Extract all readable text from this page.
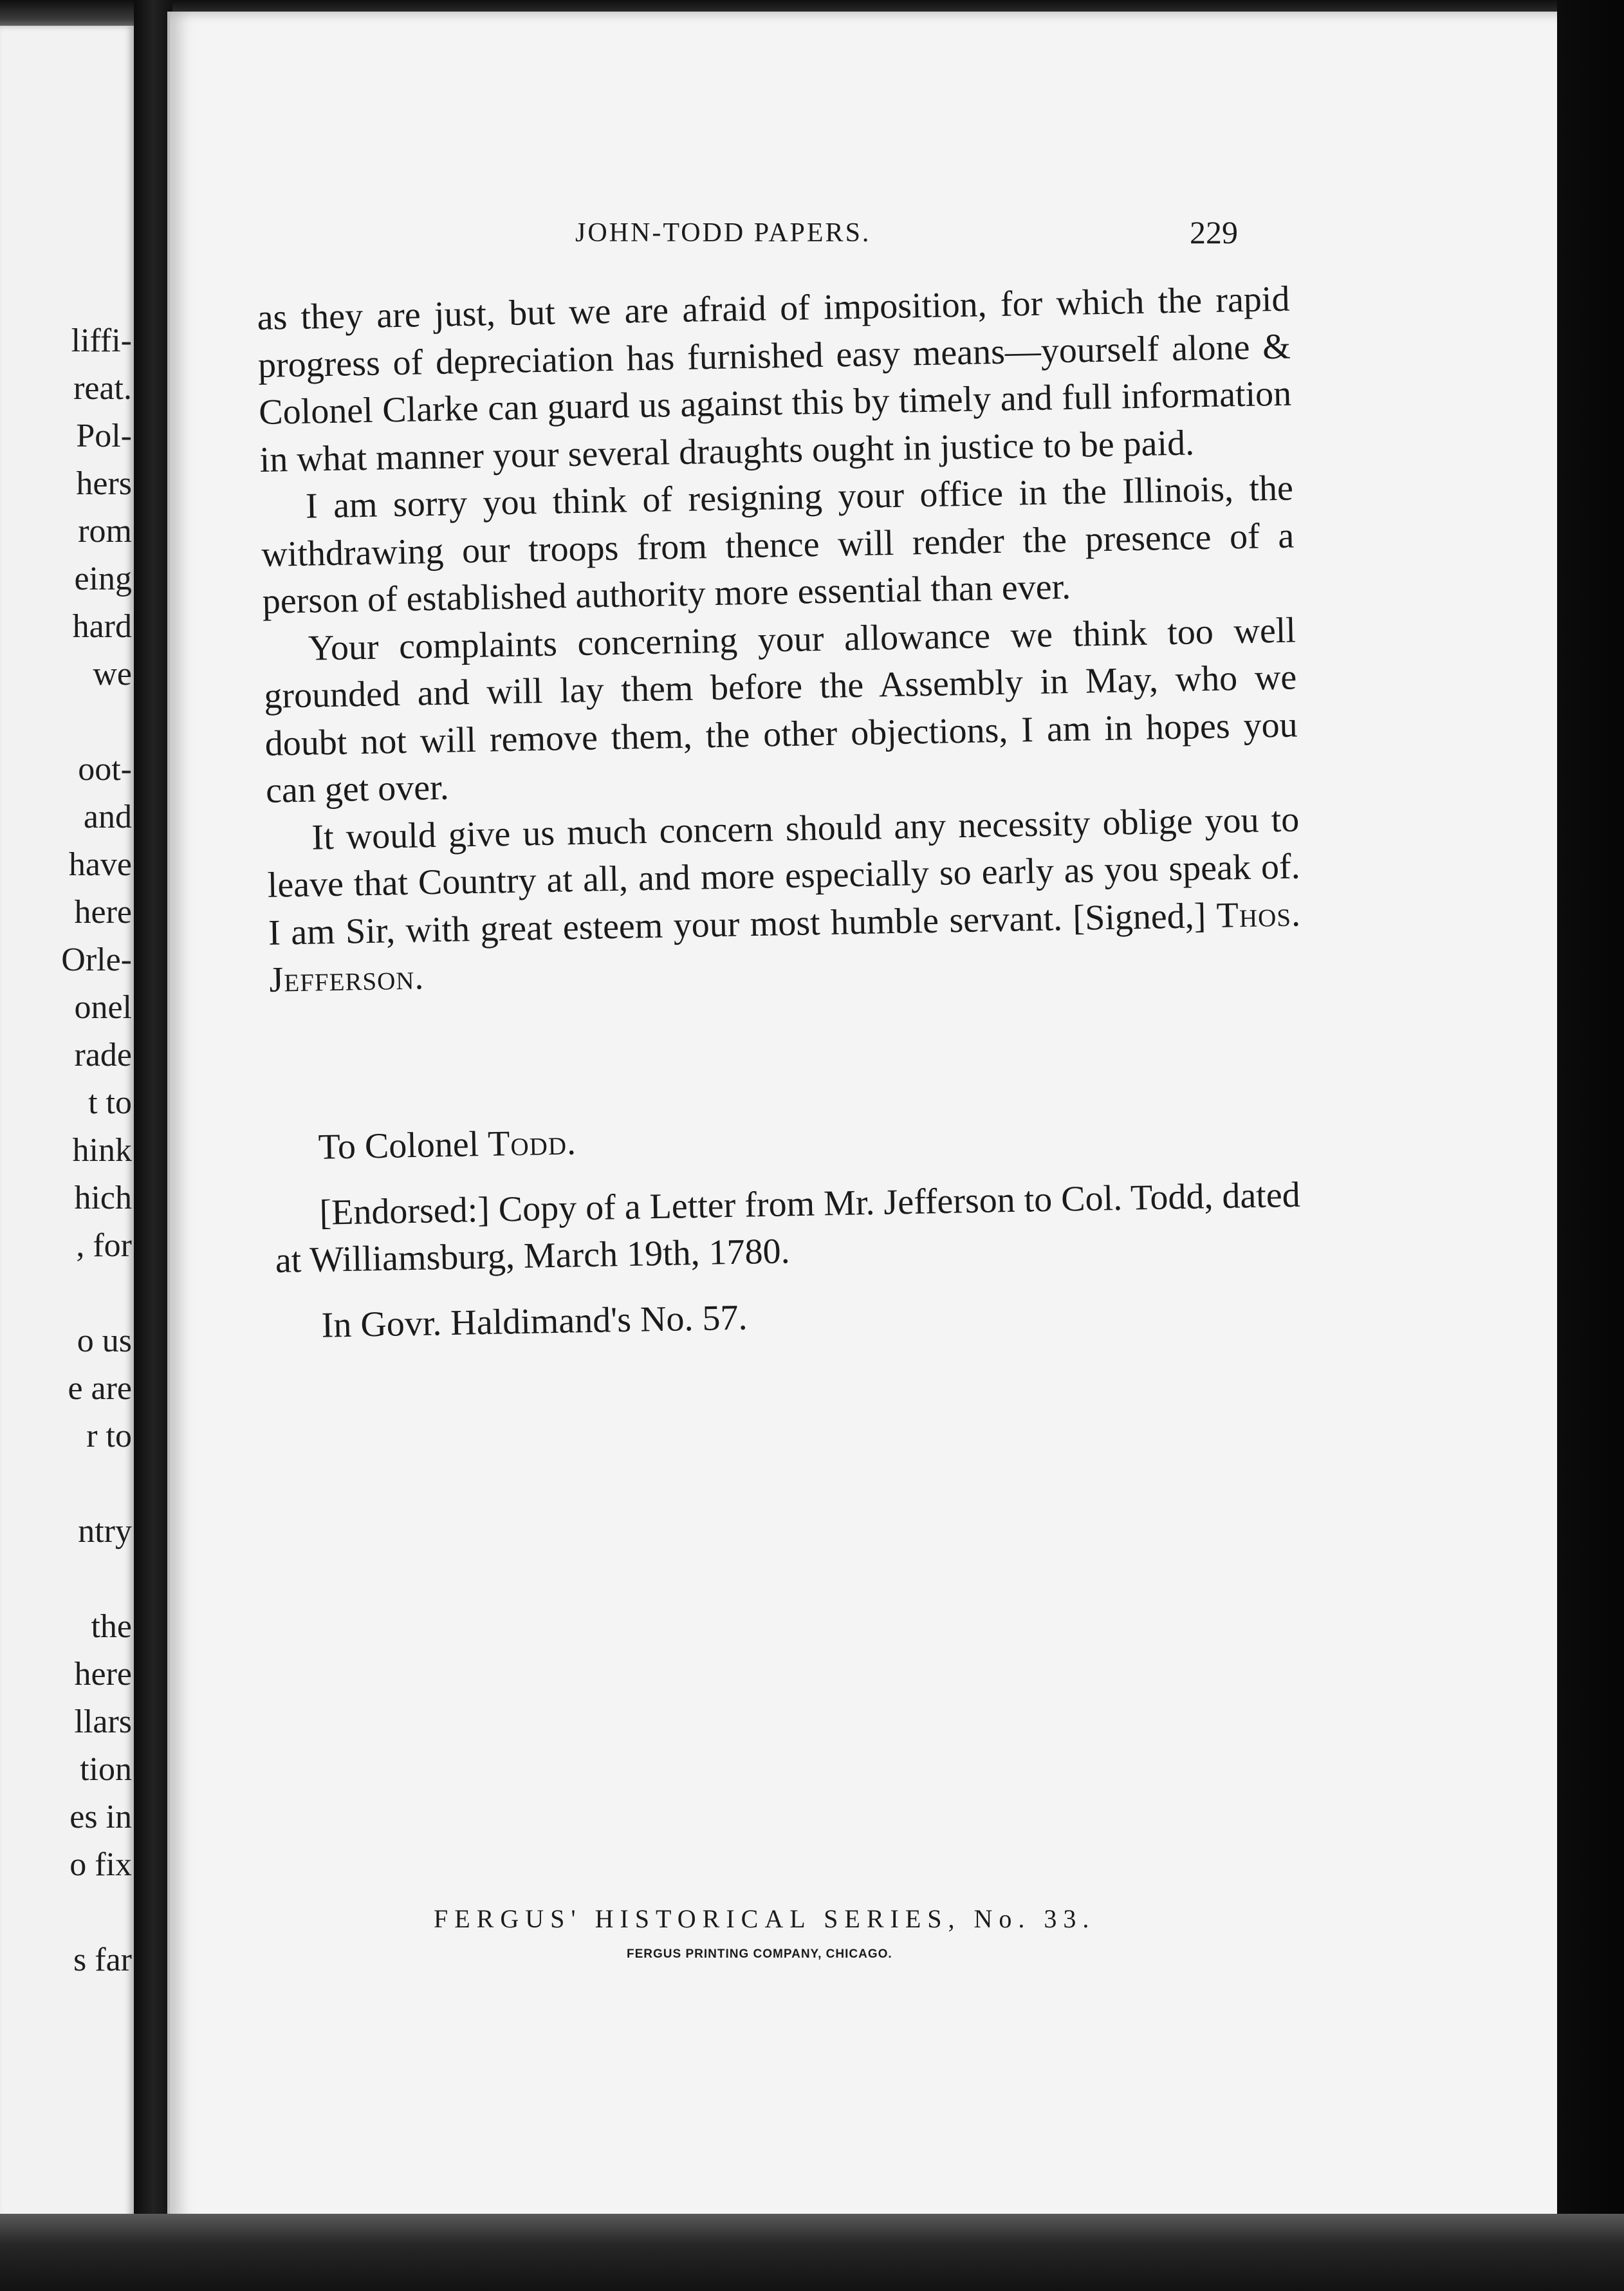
liffi-
reat.
Pol-
hers
rom
eing
hard
we
oot-
and
have
here
Orle-
onel
rade
t to
hink
hich
, for
o us
e are
r to
ntry
the
here
llars
tion
es in
o fix
s far
JOHN-TODD PAPERS.	229

as they are just, but we are afraid of imposition, for which the rapid progress of depreciation has furnished easy means—yourself alone & Colonel Clarke can guard us against this by timely and full information in what manner your several draughts ought in justice to be paid.

I am sorry you think of resigning your office in the Illinois, the withdrawing our troops from thence will render the presence of a person of established authority more essential than ever.

Your complaints concerning your allowance we think too well grounded and will lay them before the Assembly in May, who we doubt not will remove them, the other objections, I am in hopes you can get over.

It would give us much concern should any necessity oblige you to leave that Country at all, and more especially so early as you speak of. I am Sir, with great esteem your most humble servant. [Signed,] Thos. Jefferson.

To Colonel Todd.

[Endorsed:] Copy of a Letter from Mr. Jefferson to Col. Todd, dated at Williamsburg, March 19th, 1780.

In Govr. Haldimand's No. 57.

FERGUS' HISTORICAL SERIES, No. 33.
FERGUS PRINTING COMPANY, CHICAGO.
